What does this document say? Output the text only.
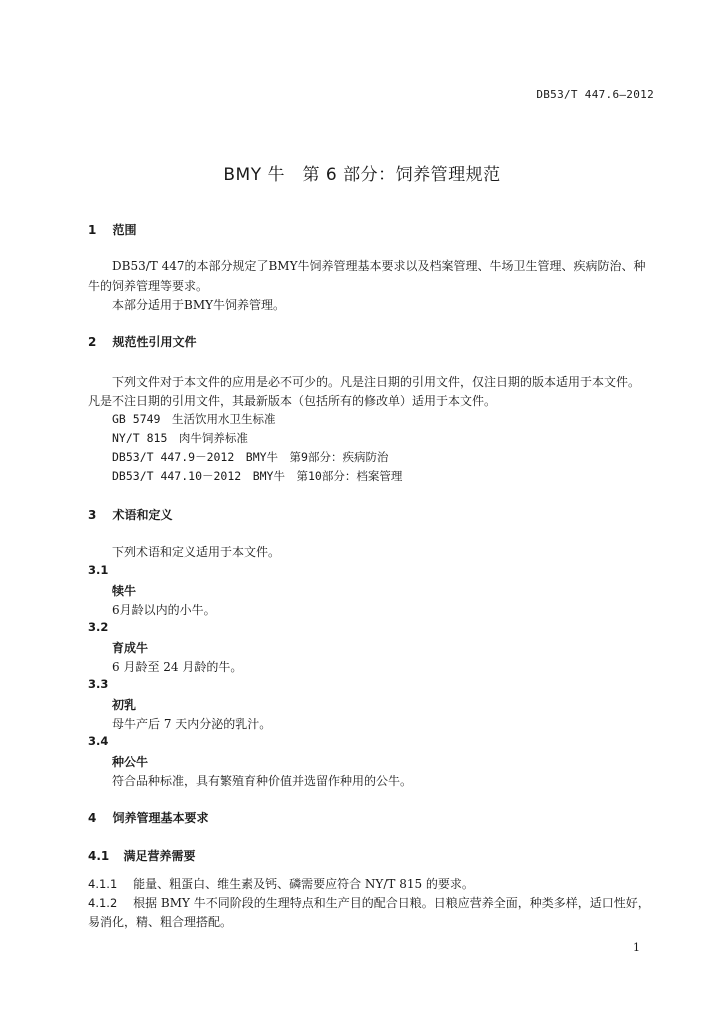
DB53/T 447.6—2012
BMY 牛　第 6 部分：饲养管理规范
1 范围
DB53/T 447的本部分规定了BMY牛饲养管理基本要求以及档案管理、牛场卫生管理、疾病防治、种
牛的饲养管理等要求。
本部分适用于BMY牛饲养管理。
2 规范性引用文件
下列文件对于本文件的应用是必不可少的。凡是注日期的引用文件，仅注日期的版本适用于本文件。
凡是不注日期的引用文件，其最新版本（包括所有的修改单）适用于本文件。
GB 5749　生活饮用水卫生标准
NY/T 815　肉牛饲养标准
DB53/T 447.9－2012　BMY牛　第9部分：疾病防治
DB53/T 447.10－2012　BMY牛　第10部分：档案管理
3 术语和定义
下列术语和定义适用于本文件。
3.1
犊牛
6月龄以内的小牛。
3.2
育成牛
6 月龄至 24 月龄的牛。
3.3
初乳
母牛产后 7 天内分泌的乳汁。
3.4
种公牛
符合品种标准，具有繁殖育种价值并选留作种用的公牛。
4 饲养管理基本要求
4.1 满足营养需要
4.1.1 能量、粗蛋白、维生素及钙、磷需要应符合 NY/T 815 的要求。
4.1.2 根据 BMY 牛不同阶段的生理特点和生产目的配合日粮。日粮应营养全面，种类多样，适口性好，
易消化，精、粗合理搭配。
1
